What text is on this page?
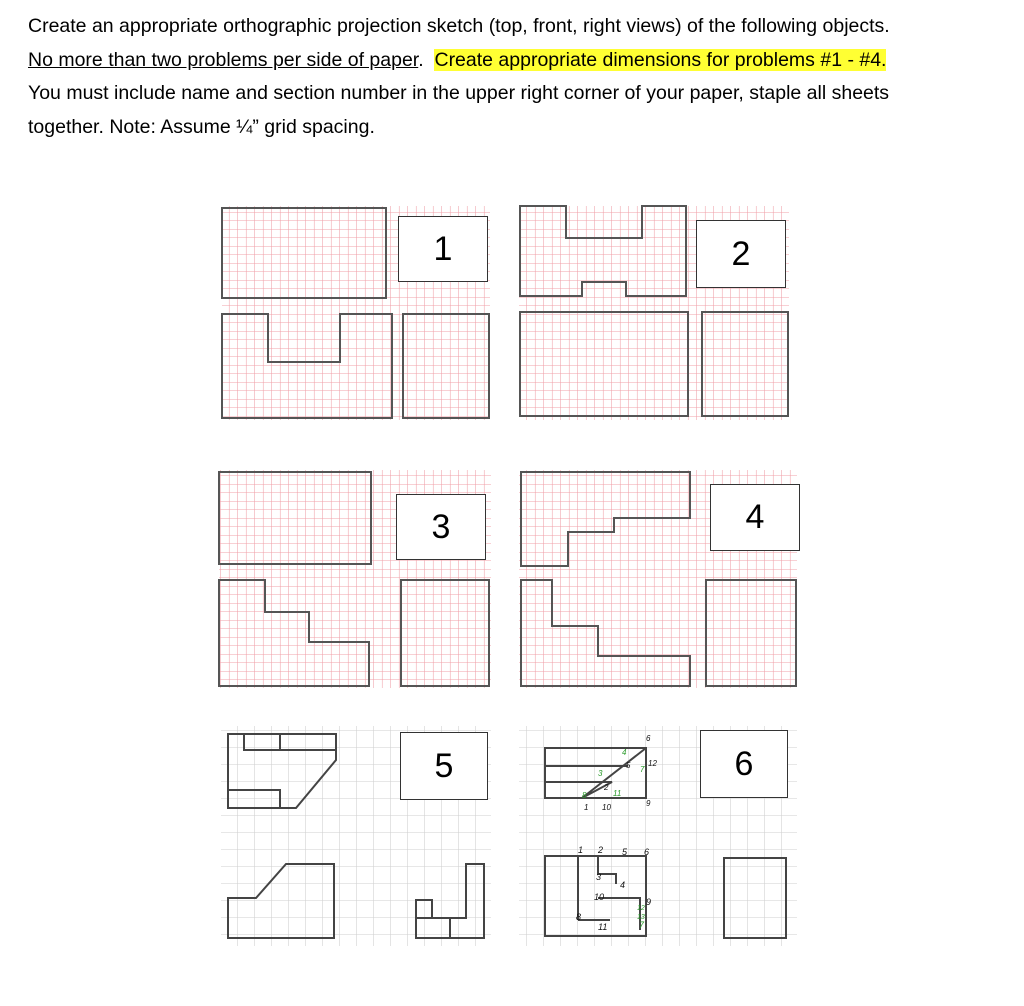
Create an appropriate orthographic projection sketch (top, front, right views) of the following objects.
No more than two problems per side of paper. Create appropriate dimensions for problems #1 - #4.
You must include name and section number in the upper right corner of your paper, staple all sheets
together. Note: Assume ¼” grid spacing.

6
4
5
3
2
11
7
12
8
1 10	9
1 2 5 6
3
4
10	9
12
13
8
11	7
1	2
3	4
5	6
